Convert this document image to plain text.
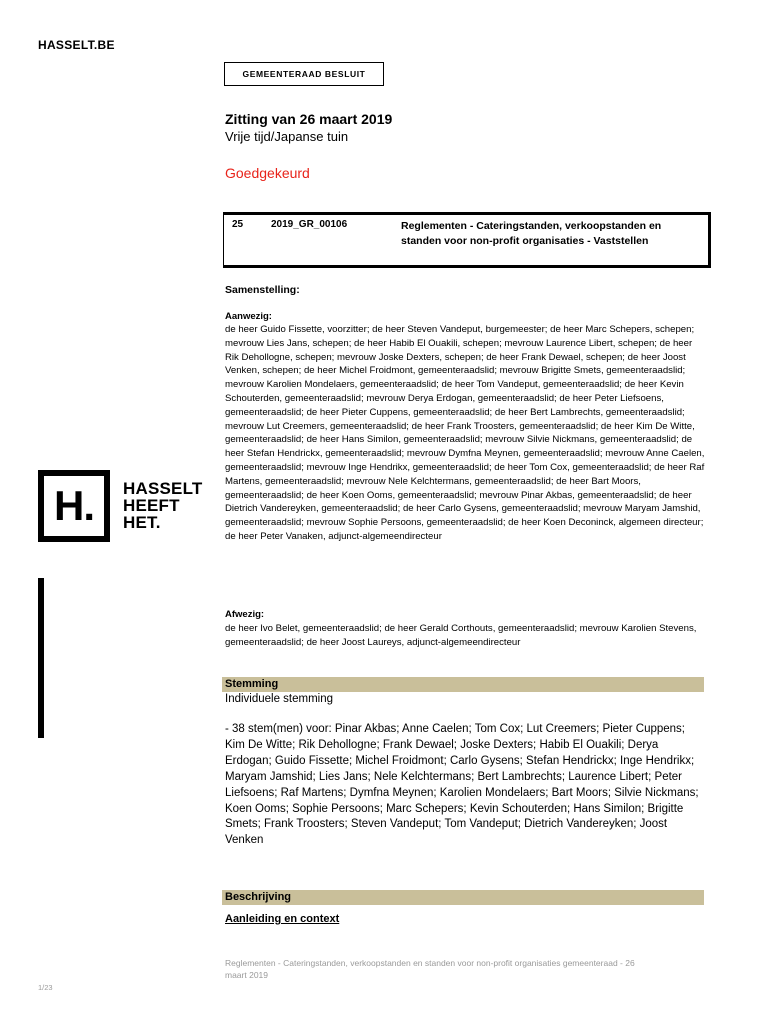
HASSELT.BE
GEMEENTERAAD BESLUIT
Zitting van 26 maart 2019
Vrije tijd/Japanse tuin
Goedgekeurd
25	2019_GR_00106	Reglementen - Cateringstanden, verkoopstanden en standen voor non-profit organisaties - Vaststellen
Samenstelling:
Aanwezig:
de heer Guido Fissette, voorzitter; de heer Steven Vandeput, burgemeester; de heer Marc Schepers, schepen; mevrouw Lies Jans, schepen; de heer Habib El Ouakili, schepen; mevrouw Laurence Libert, schepen; de heer Rik Dehollogne, schepen; mevrouw Joske Dexters, schepen; de heer Frank Dewael, schepen; de heer Joost Venken, schepen; de heer Michel Froidmont, gemeenteraadslid; mevrouw Brigitte Smets, gemeenteraadslid; mevrouw Karolien Mondelaers, gemeenteraadslid; de heer Tom Vandeput, gemeenteraadslid; de heer Kevin Schouterden, gemeenteraadslid; mevrouw Derya Erdogan, gemeenteraadslid; de heer Peter Liefsoens, gemeenteraadslid; de heer Pieter Cuppens, gemeenteraadslid; de heer Bert Lambrechts, gemeenteraadslid; mevrouw Lut Creemers, gemeenteraadslid; de heer Frank Troosters, gemeenteraadslid; de heer Kim De Witte, gemeenteraadslid; de heer Hans Similon, gemeenteraadslid; mevrouw Silvie Nickmans, gemeenteraadslid; de heer Stefan Hendrickx, gemeenteraadslid; mevrouw Dymfna Meynen, gemeenteraadslid; mevrouw Anne Caelen, gemeenteraadslid; mevrouw Inge Hendrikx, gemeenteraadslid; de heer Tom Cox, gemeenteraadslid; de heer Raf Martens, gemeenteraadslid; mevrouw Nele Kelchtermans, gemeenteraadslid; de heer Bart Moors, gemeenteraadslid; de heer Koen Ooms, gemeenteraadslid; mevrouw Pinar Akbas, gemeenteraadslid; de heer Dietrich Vandereyken, gemeenteraadslid; de heer Carlo Gysens, gemeenteraadslid; mevrouw Maryam Jamshid, gemeenteraadslid; mevrouw Sophie Persoons, gemeenteraadslid; de heer Koen Deconinck, algemeen directeur; de heer Peter Vanaken, adjunct-algemeendirecteur
Afwezig:
de heer Ivo Belet, gemeenteraadslid; de heer Gerald Corthouts, gemeenteraadslid; mevrouw Karolien Stevens, gemeenteraadslid; de heer Joost Laureys, adjunct-algemeendirecteur
Stemming
Individuele stemming
- 38 stem(men) voor: Pinar Akbas; Anne Caelen; Tom Cox; Lut Creemers; Pieter Cuppens; Kim De Witte; Rik Dehollogne; Frank Dewael; Joske Dexters; Habib El Ouakili; Derya Erdogan; Guido Fissette; Michel Froidmont; Carlo Gysens; Stefan Hendrickx; Inge Hendrikx; Maryam Jamshid; Lies Jans; Nele Kelchtermans; Bert Lambrechts; Laurence Libert; Peter Liefsoens; Raf Martens; Dymfna Meynen; Karolien Mondelaers; Bart Moors; Silvie Nickmans; Koen Ooms; Sophie Persoons; Marc Schepers; Kevin Schouterden; Hans Similon; Brigitte Smets; Frank Troosters; Steven Vandeput; Tom Vandeput; Dietrich Vandereyken; Joost Venken
Beschrijving
Aanleiding en context
Reglementen - Cateringstanden, verkoopstanden en standen voor non-profit organisaties gemeenteraad - 26 maart 2019
1/23
H. HASSELT
HEEFT
HET.
